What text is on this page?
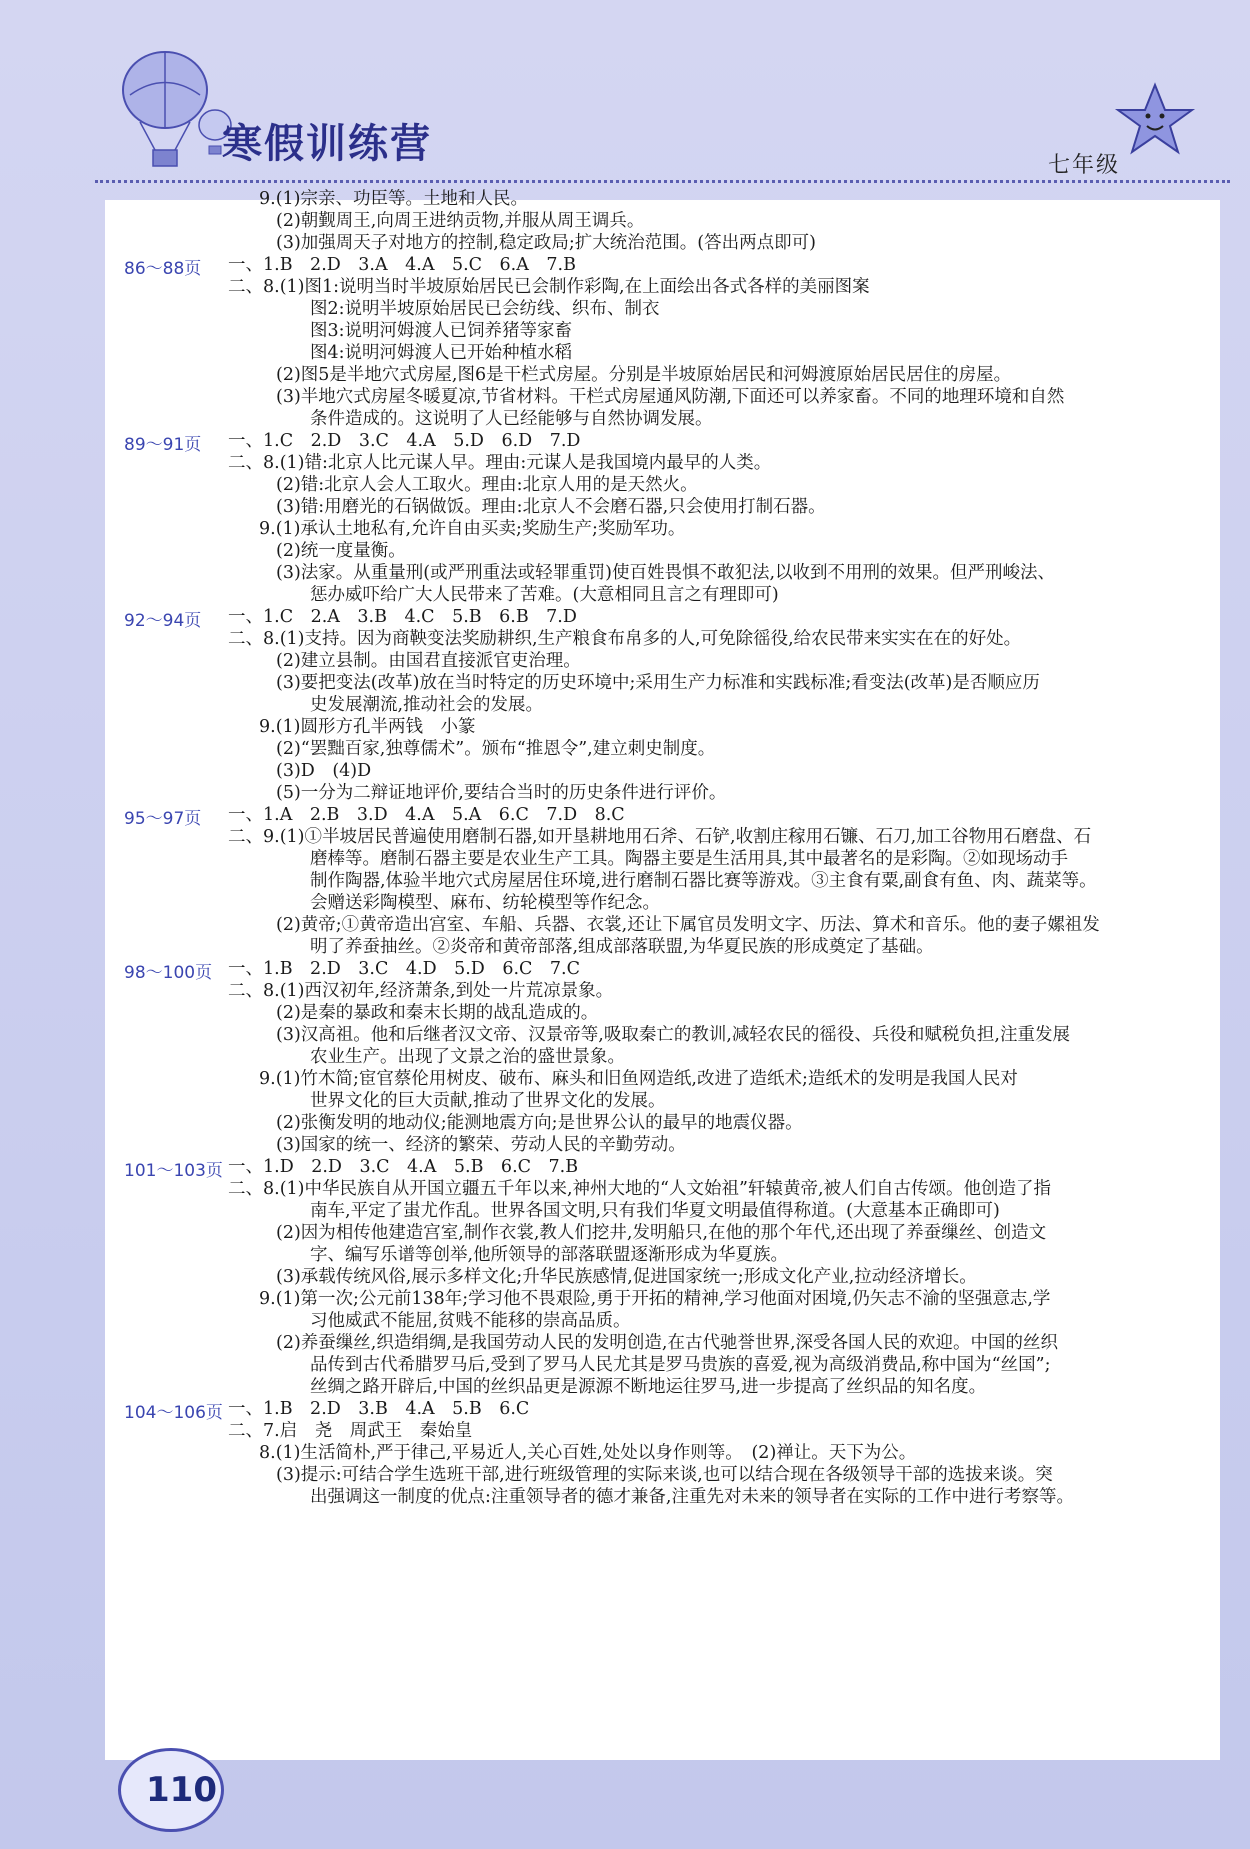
寒假训练营	七年级
9.(1)宗亲、功臣等。土地和人民。
(2)朝觐周王,向周王进纳贡物,并服从周王调兵。
(3)加强周天子对地方的控制,稳定政局;扩大统治范围。(答出两点即可)
86～88页 一、1.B　2.D　3.A　4.A　5.C　6.A　7.B
二、8.(1)图1:说明当时半坡原始居民已会制作彩陶,在上面绘出各式各样的美丽图案
图2:说明半坡原始居民已会纺线、织布、制衣
图3:说明河姆渡人已饲养猪等家畜
图4:说明河姆渡人已开始种植水稻
(2)图5是半地穴式房屋,图6是干栏式房屋。分别是半坡原始居民和河姆渡原始居民居住的房屋。
(3)半地穴式房屋冬暖夏凉,节省材料。干栏式房屋通风防潮,下面还可以养家畜。不同的地理环境和自然
条件造成的。这说明了人已经能够与自然协调发展。
89～91页 一、1.C　2.D　3.C　4.A　5.D　6.D　7.D
二、8.(1)错:北京人比元谋人早。理由:元谋人是我国境内最早的人类。
(2)错:北京人会人工取火。理由:北京人用的是天然火。
(3)错:用磨光的石锅做饭。理由:北京人不会磨石器,只会使用打制石器。
9.(1)承认土地私有,允许自由买卖;奖励生产;奖励军功。
(2)统一度量衡。
(3)法家。从重量刑(或严刑重法或轻罪重罚)使百姓畏惧不敢犯法,以收到不用刑的效果。但严刑峻法、
惩办威吓给广大人民带来了苦难。(大意相同且言之有理即可)
92～94页 一、1.C　2.A　3.B　4.C　5.B　6.B　7.D
二、8.(1)支持。因为商鞅变法奖励耕织,生产粮食布帛多的人,可免除徭役,给农民带来实实在在的好处。
(2)建立县制。由国君直接派官吏治理。
(3)要把变法(改革)放在当时特定的历史环境中;采用生产力标准和实践标准;看变法(改革)是否顺应历
史发展潮流,推动社会的发展。
9.(1)圆形方孔半两钱　小篆
(2)“罢黜百家,独尊儒术”。颁布“推恩令”,建立刺史制度。
(3)D　(4)D
(5)一分为二辩证地评价,要结合当时的历史条件进行评价。
95～97页 一、1.A　2.B　3.D　4.A　5.A　6.C　7.D　8.C
二、9.(1)①半坡居民普遍使用磨制石器,如开垦耕地用石斧、石铲,收割庄稼用石镰、石刀,加工谷物用石磨盘、石
磨棒等。磨制石器主要是农业生产工具。陶器主要是生活用具,其中最著名的是彩陶。②如现场动手
制作陶器,体验半地穴式房屋居住环境,进行磨制石器比赛等游戏。③主食有粟,副食有鱼、肉、蔬菜等。
会赠送彩陶模型、麻布、纺轮模型等作纪念。
(2)黄帝;①黄帝造出宫室、车船、兵器、衣裳,还让下属官员发明文字、历法、算术和音乐。他的妻子嫘祖发
明了养蚕抽丝。②炎帝和黄帝部落,组成部落联盟,为华夏民族的形成奠定了基础。
98～100页 一、1.B　2.D　3.C　4.D　5.D　6.C　7.C
二、8.(1)西汉初年,经济萧条,到处一片荒凉景象。
(2)是秦的暴政和秦末长期的战乱造成的。
(3)汉高祖。他和后继者汉文帝、汉景帝等,吸取秦亡的教训,减轻农民的徭役、兵役和赋税负担,注重发展
农业生产。出现了文景之治的盛世景象。
9.(1)竹木简;宦官蔡伦用树皮、破布、麻头和旧鱼网造纸,改进了造纸术;造纸术的发明是我国人民对
世界文化的巨大贡献,推动了世界文化的发展。
(2)张衡发明的地动仪;能测地震方向;是世界公认的最早的地震仪器。
(3)国家的统一、经济的繁荣、劳动人民的辛勤劳动。
101～103页 一、1.D　2.D　3.C　4.A　5.B　6.C　7.B
二、8.(1)中华民族自从开国立疆五千年以来,神州大地的“人文始祖”轩辕黄帝,被人们自古传颂。他创造了指
南车,平定了蚩尤作乱。世界各国文明,只有我们华夏文明最值得称道。(大意基本正确即可)
(2)因为相传他建造宫室,制作衣裳,教人们挖井,发明船只,在他的那个年代,还出现了养蚕缫丝、创造文
字、编写乐谱等创举,他所领导的部落联盟逐渐形成为华夏族。
(3)承载传统风俗,展示多样文化;升华民族感情,促进国家统一;形成文化产业,拉动经济增长。
9.(1)第一次;公元前138年;学习他不畏艰险,勇于开拓的精神,学习他面对困境,仍矢志不渝的坚强意志,学
习他威武不能屈,贫贱不能移的崇高品质。
(2)养蚕缫丝,织造绢绸,是我国劳动人民的发明创造,在古代驰誉世界,深受各国人民的欢迎。中国的丝织
品传到古代希腊罗马后,受到了罗马人民尤其是罗马贵族的喜爱,视为高级消费品,称中国为“丝国”;
丝绸之路开辟后,中国的丝织品更是源源不断地运往罗马,进一步提高了丝织品的知名度。
104～106页 一、1.B　2.D　3.B　4.A　5.B　6.C
二、7.启　尧　周武王　秦始皇
8.(1)生活简朴,严于律己,平易近人,关心百姓,处处以身作则等。　(2)禅让。天下为公。
(3)提示:可结合学生选班干部,进行班级管理的实际来谈,也可以结合现在各级领导干部的选拔来谈。突
出强调这一制度的优点:注重领导者的德才兼备,注重先对未来的领导者在实际的工作中进行考察等。
110
